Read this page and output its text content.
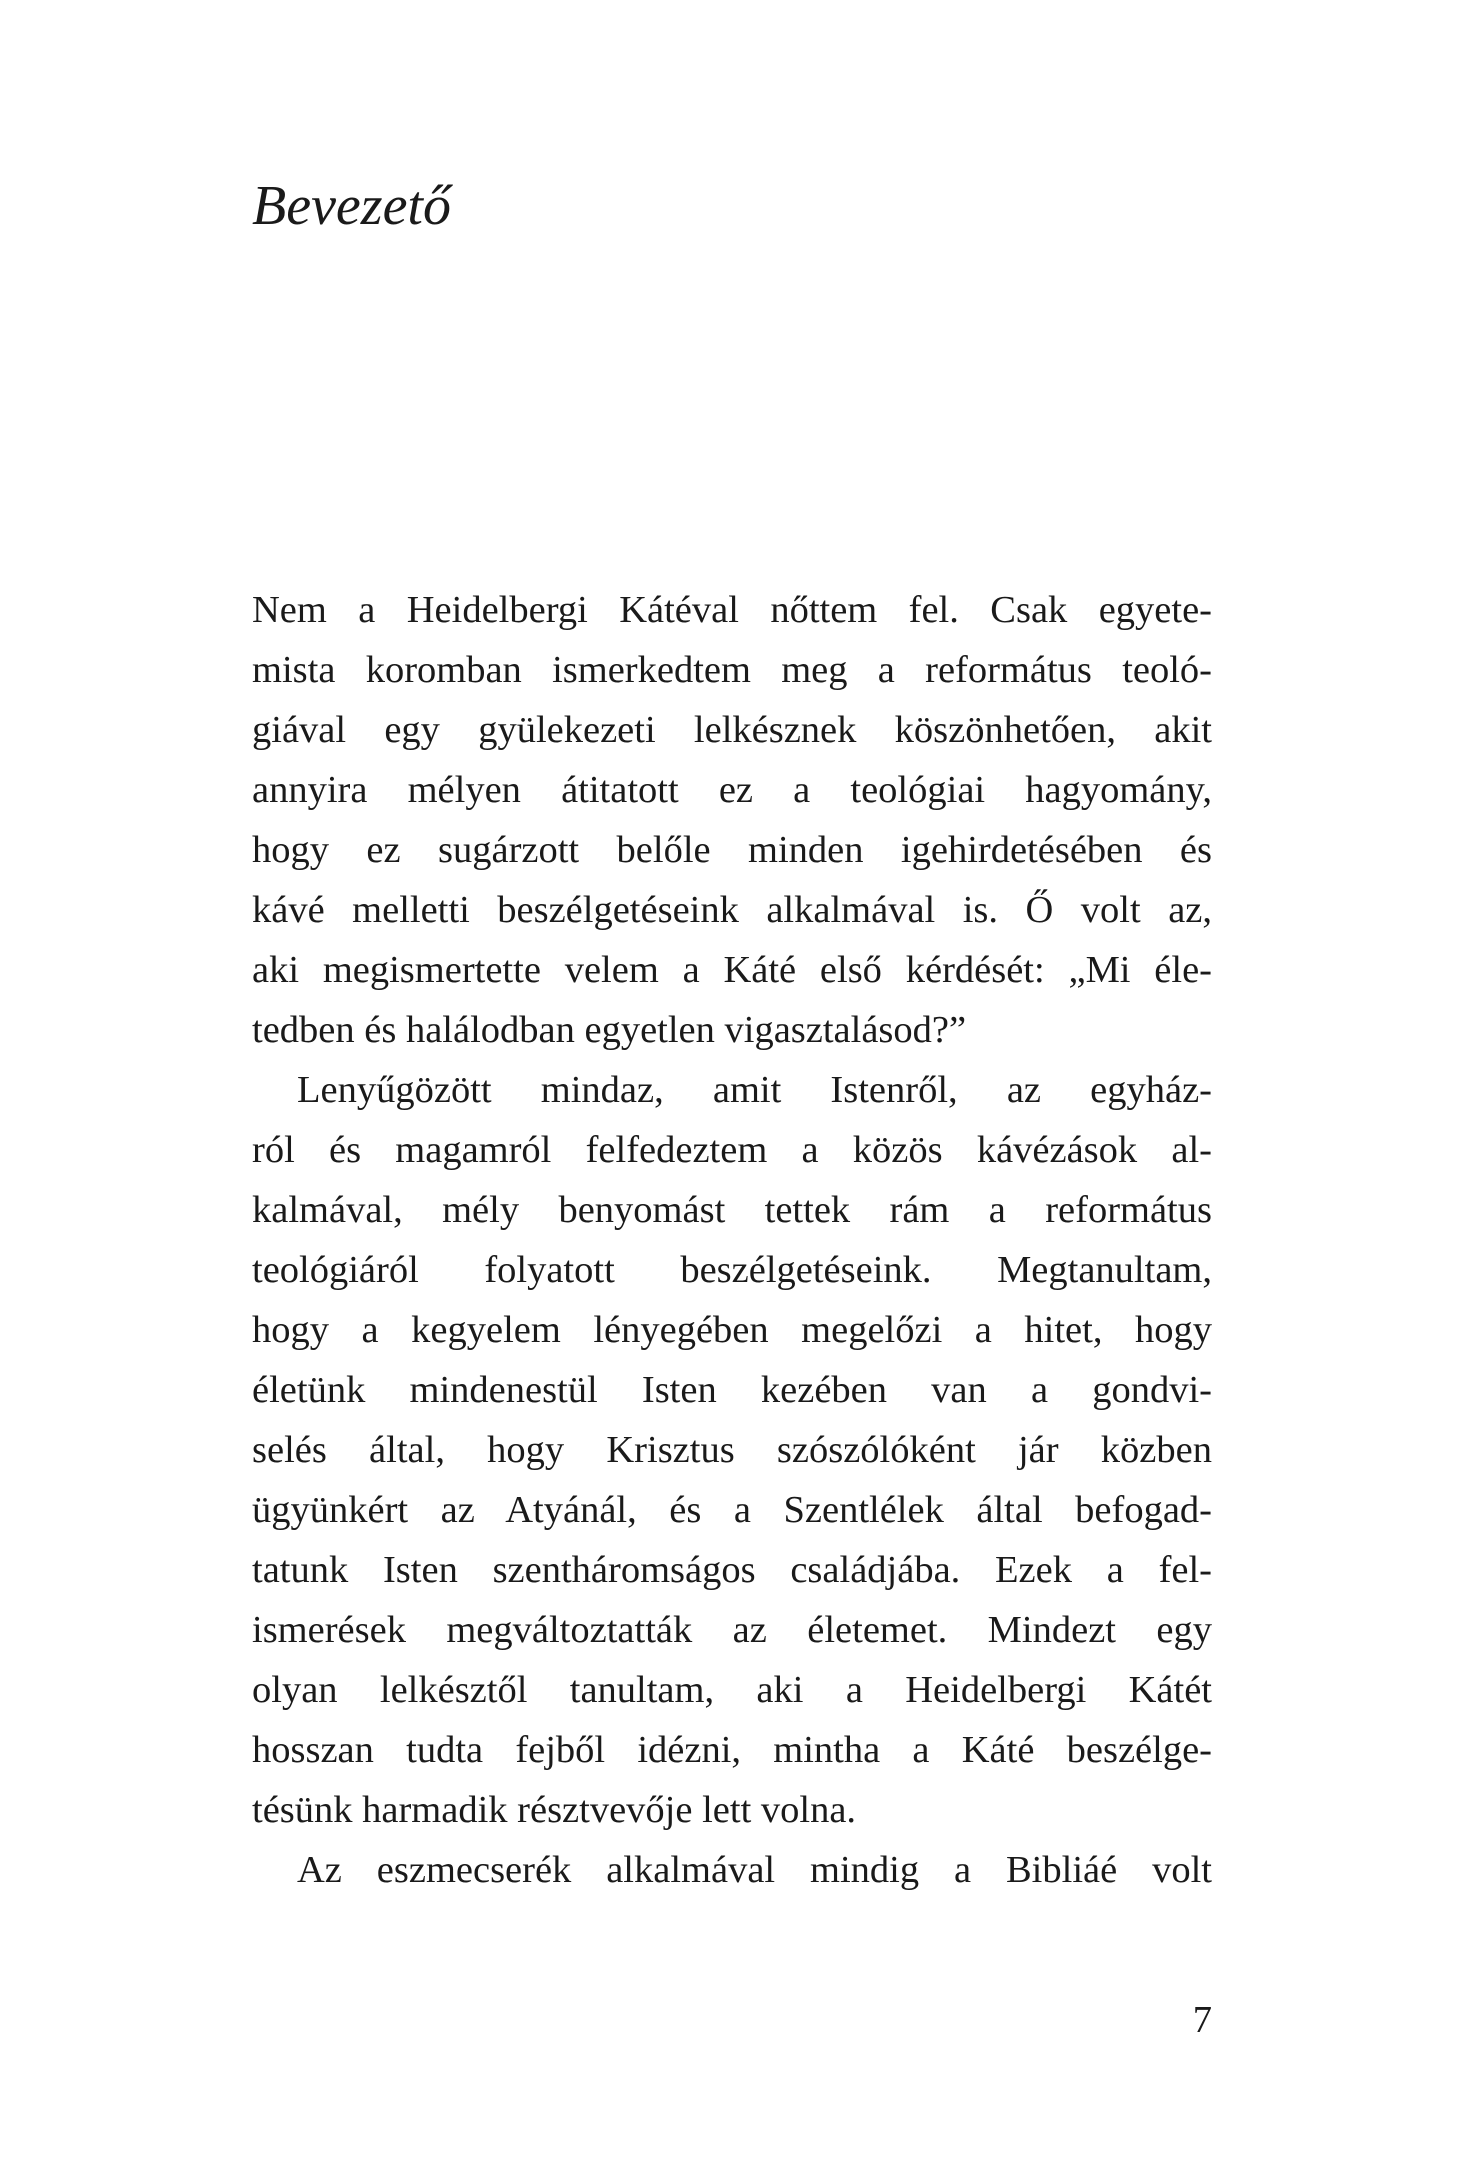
Bevezető
Nem a Heidelbergi Kátéval nőttem fel. Csak egyete-
mista koromban ismerkedtem meg a református teoló-
giával egy gyülekezeti lelkésznek köszönhetően, akit
annyira mélyen átitatott ez a teológiai hagyomány,
hogy ez sugárzott belőle minden igehirdetésében és
kávé melletti beszélgetéseink alkalmával is. Ő volt az,
aki megismertette velem a Káté első kérdését: „Mi éle-
tedben és halálodban egyetlen vigasztalásod?”
Lenyűgözött mindaz, amit Istenről, az egyház-
ról és magamról felfedeztem a közös kávézások al-
kalmával, mély benyomást tettek rám a református
teológiáról folyatott beszélgetéseink. Megtanultam,
hogy a kegyelem lényegében megelőzi a hitet, hogy
életünk mindenestül Isten kezében van a gondvi-
selés által, hogy Krisztus szószólóként jár közben
ügyünkért az Atyánál, és a Szentlélek által befogad-
tatunk Isten szentháromságos családjába. Ezek a fel-
ismerések megváltoztatták az életemet. Mindezt egy
olyan lelkésztől tanultam, aki a Heidelbergi Kátét
hosszan tudta fejből idézni, mintha a Káté beszélge-
tésünk harmadik résztvevője lett volna.
Az eszmecserék alkalmával mindig a Bibliáé volt
7
